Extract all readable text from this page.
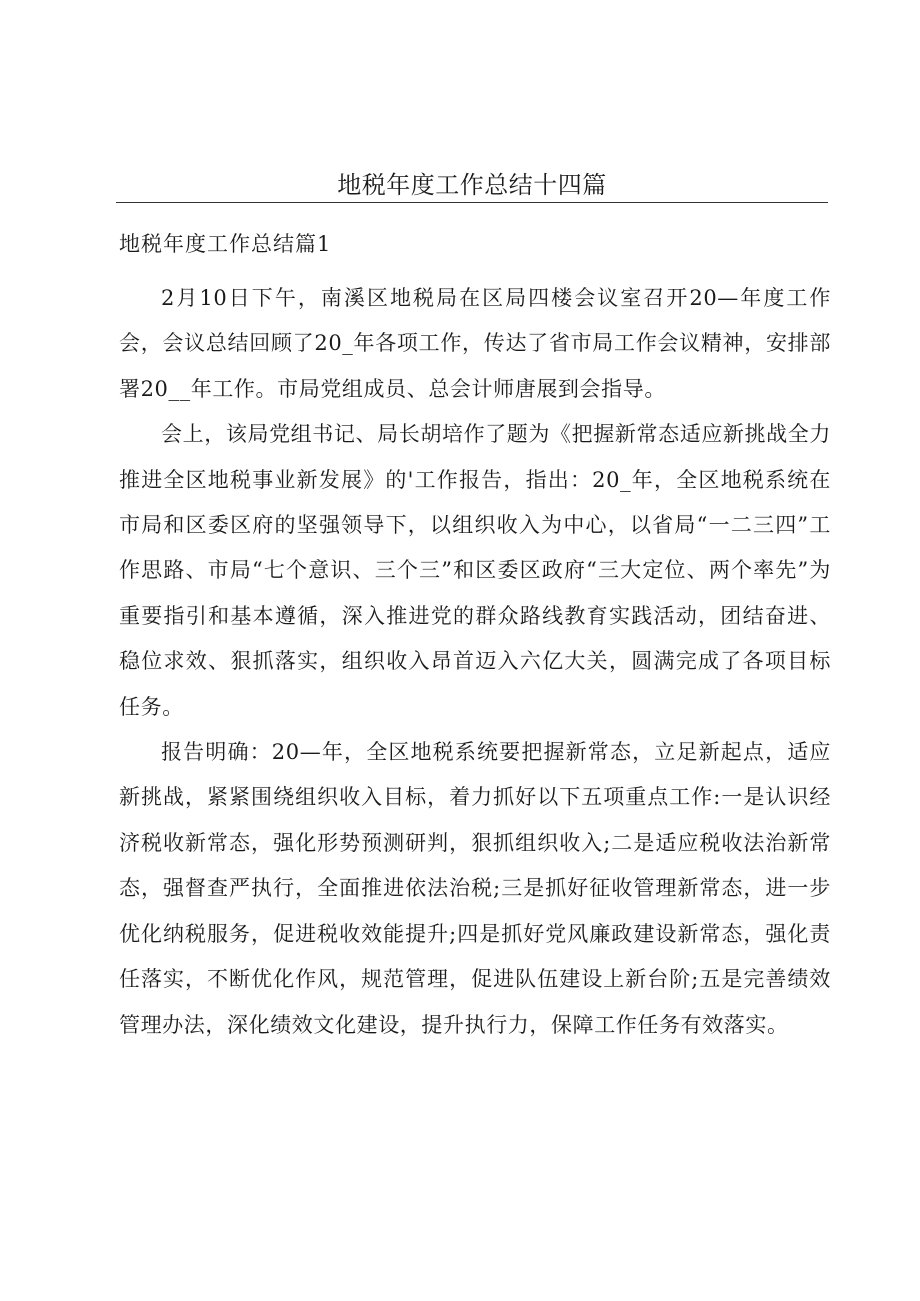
地税年度工作总结十四篇
地税年度工作总结篇1

2月10日下午，南溪区地税局在区局四楼会议室召开20—年度工作会，会议总结回顾了20_年各项工作，传达了省市局工作会议精神，安排部署20__年工作。市局党组成员、总会计师唐展到会指导。

会上，该局党组书记、局长胡培作了题为《把握新常态适应新挑战全力推进全区地税事业新发展》的'工作报告，指出：20_年，全区地税系统在市局和区委区府的坚强领导下，以组织收入为中心，以省局“一二三四”工作思路、市局“七个意识、三个三”和区委区政府“三大定位、两个率先”为重要指引和基本遵循，深入推进党的群众路线教育实践活动，团结奋进、稳位求效、狠抓落实，组织收入昂首迈入六亿大关，圆满完成了各项目标任务。

报告明确：20—年，全区地税系统要把握新常态，立足新起点，适应新挑战，紧紧围绕组织收入目标，着力抓好以下五项重点工作:一是认识经济税收新常态，强化形势预测研判，狠抓组织收入;二是适应税收法治新常态，强督查严执行，全面推进依法治税;三是抓好征收管理新常态，进一步优化纳税服务，促进税收效能提升;四是抓好党风廉政建设新常态，强化责任落实，不断优化作风，规范管理，促进队伍建设上新台阶;五是完善绩效管理办法，深化绩效文化建设，提升执行力，保障工作任务有效落实。
